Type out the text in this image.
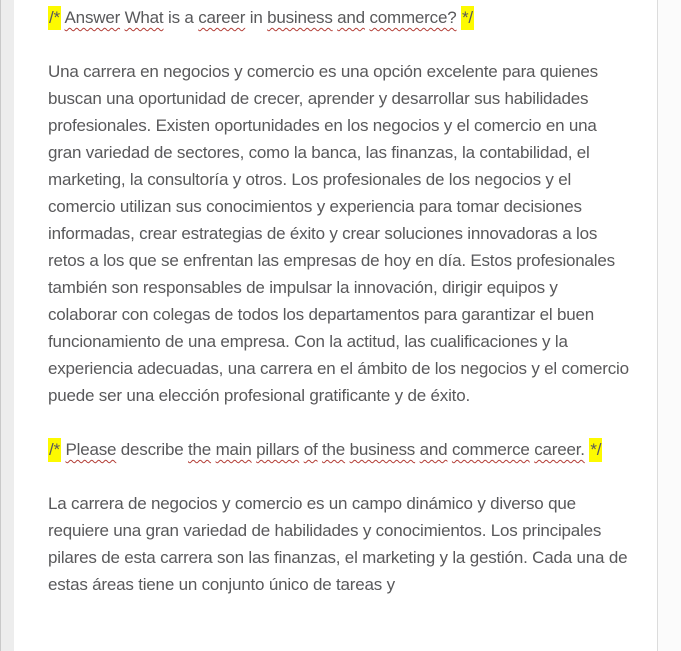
/* Answer What is a career in business and commerce? */

Una carrera en negocios y comercio es una opción excelente para quienes buscan una oportunidad de crecer, aprender y desarrollar sus habilidades profesionales. Existen oportunidades en los negocios y el comercio en una gran variedad de sectores, como la banca, las finanzas, la contabilidad, el marketing, la consultoría y otros. Los profesionales de los negocios y el comercio utilizan sus conocimientos y experiencia para tomar decisiones informadas, crear estrategias de éxito y crear soluciones innovadoras a los retos a los que se enfrentan las empresas de hoy en día. Estos profesionales también son responsables de impulsar la innovación, dirigir equipos y colaborar con colegas de todos los departamentos para garantizar el buen funcionamiento de una empresa. Con la actitud, las cualificaciones y la experiencia adecuadas, una carrera en el ámbito de los negocios y el comercio puede ser una elección profesional gratificante y de éxito.

/* Please describe the main pillars of the business and commerce career. */

La carrera de negocios y comercio es un campo dinámico y diverso que requiere una gran variedad de habilidades y conocimientos. Los principales pilares de esta carrera son las finanzas, el marketing y la gestión. Cada una de estas áreas tiene un conjunto único de tareas y
